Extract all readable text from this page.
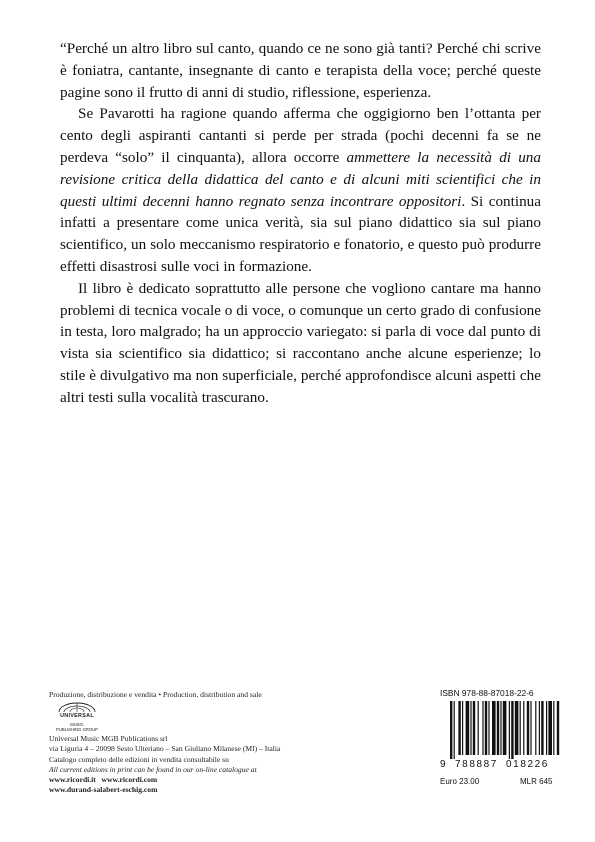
“Perché un altro libro sul canto, quando ce ne sono già tanti? Perché chi scrive è foniatra, cantante, insegnante di canto e terapista della voce; perché queste pagine sono il frutto di anni di studio, riflessione, esperienza.

Se Pavarotti ha ragione quando afferma che oggigiorno ben l’ottanta per cento degli aspiranti cantanti si perde per strada (pochi decenni fa se ne perdeva “solo” il cinquanta), allora occorre ammettere la necessità di una revisione critica della didattica del canto e di alcuni miti scientifici che in questi ultimi decenni hanno regnato senza incontrare oppositori. Si continua infatti a presentare come unica verità, sia sul piano didattico sia sul piano scientifico, un solo meccanismo respiratorio e fonatorio, e questo può produrre effetti disastrosi sulle voci in formazione.

Il libro è dedicato soprattutto alle persone che vogliono cantare ma hanno problemi di tecnica vocale o di voce, o comunque un certo grado di confusione in testa, loro malgrado; ha un approccio variegato: si parla di voce dal punto di vista sia scientifico sia didattico; si raccontano anche alcune esperienze; lo stile è divulgativo ma non superficiale, perché approfondisce alcuni aspetti che altri testi sulla vocalità trascurano.

Produzione, distribuzione e vendita • Production, distribution and sale
UNIVERSAL
MUSIC
PUBLISHING GROUP
Universal Music MGB Publications srl
via Liguria 4 – 20098 Sesto Ulteriano – San Giuliano Milanese (MI) – Italia
Catalogo completo delle edizioni in vendita consultabile su
All current editions in print can be found in our on-line catalogue at
www.ricordi.it www.ricordi.com
www.durand-salabert-eschig.com
ISBN 978-88-87018-22-6
9 788887 018226
Euro 23.00	MLR 645
